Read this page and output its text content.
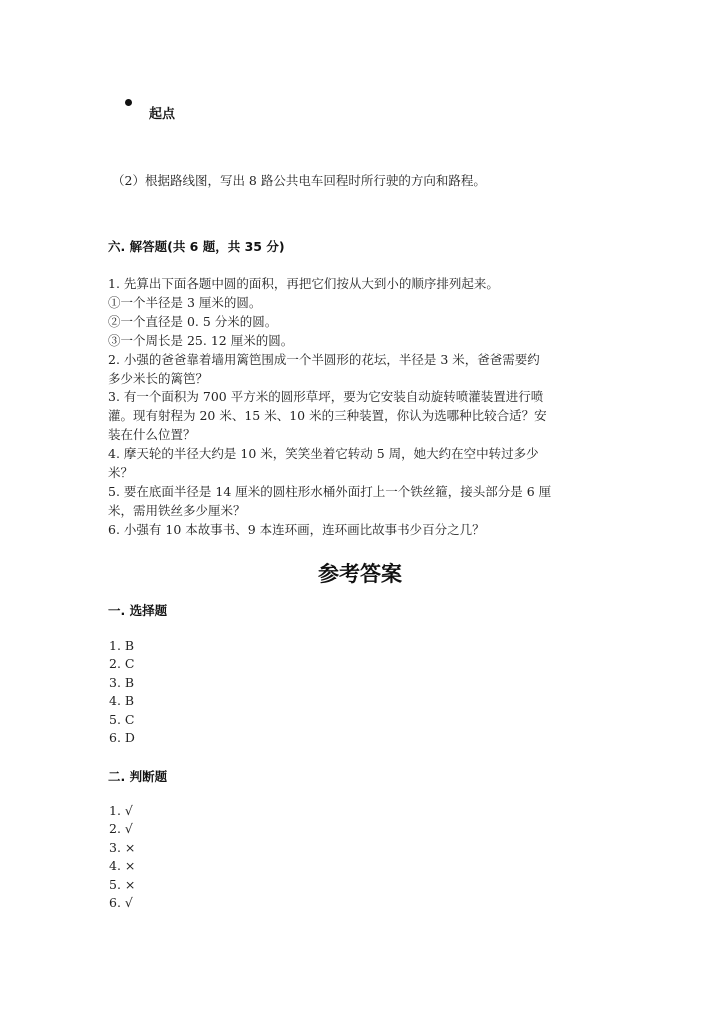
起点
（2）根据路线图，写出 8 路公共电车回程时所行驶的方向和路程。
六. 解答题(共 6 题，共 35 分)
1. 先算出下面各题中圆的面积，再把它们按从大到小的顺序排列起来。
①一个半径是 3 厘米的圆。
②一个直径是 0. 5 分米的圆。
③一个周长是 25. 12 厘米的圆。
2. 小强的爸爸靠着墙用篱笆围成一个半圆形的花坛，半径是 3 米，爸爸需要约
多少米长的篱笆？
3. 有一个面积为 700 平方米的圆形草坪，要为它安装自动旋转喷灌装置进行喷
灌。现有射程为 20 米、15 米、10 米的三种装置，你认为选哪种比较合适？安
装在什么位置？
4. 摩天轮的半径大约是 10 米，笑笑坐着它转动 5 周，她大约在空中转过多少
米？
5. 要在底面半径是 14 厘米的圆柱形水桶外面打上一个铁丝箍，接头部分是 6 厘
米，需用铁丝多少厘米？
6. 小强有 10 本故事书、9 本连环画，连环画比故事书少百分之几？
参考答案
一. 选择题
1. B
2. C
3. B
4. B
5. C
6. D
二. 判断题
1. √
2. √
3. ×
4. ×
5. ×
6. √
